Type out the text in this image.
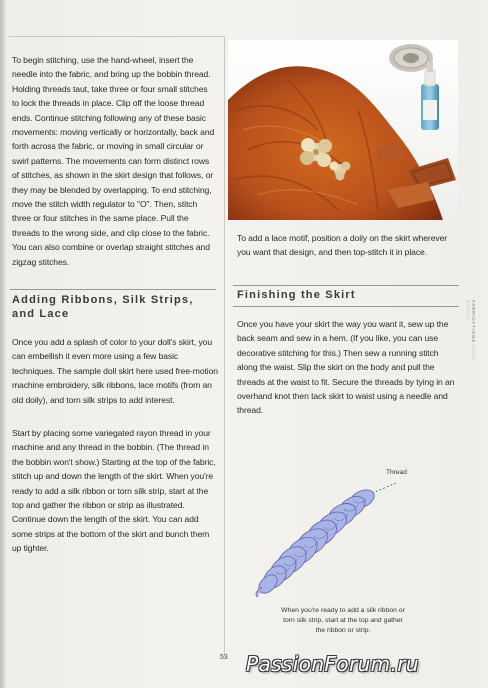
To begin stitching, use the hand-wheel, insert the needle into the fabric, and bring up the bobbin thread. Holding threads taut, take three or four small stitches to lock the threads in place. Clip off the loose thread ends. Continue stitching following any of these basic movements: moving vertically or horizontally, back and forth across the fabric, or moving in small circular or swirl patterns. The movements can form distinct rows of stitches, as shown in the skirt design that follows, or they may be blended by overlapping. To end stitching, move the stitch width regulator to "O". Then, stitch three or four stitches in the same place. Pull the threads to the wrong side, and clip close to the fabric. You can also combine or overlap straight stitches and zigzag stitches.

Adding Ribbons, Silk Strips, and Lace

Once you add a splash of color to your doll's skirt, you can embellish it even more using a few basic techniques. The sample doll skirt here used free-motion machine embroidery, silk ribbons, lace motifs (from an old doily), and torn silk strips to add interest.

Start by placing some variegated rayon thread in your machine and any thread in the bobbin. (The thread in the bobbin won't show.) Starting at the top of the fabric, stitch up and down the length of the skirt. When you're ready to add a silk ribbon or torn silk strip, start at the top and gather the ribbon or strip as illustrated. Continue down the length of the skirt. You can add some strips at the bottom of the skirt and bunch them up tighter.

To add a lace motif, position a doily on the skirt wherever you want that design, and then top-stitch it in place.

Finishing the Skirt

Once you have your skirt the way you want it, sew up the back seam and sew in a hem. (If you like, you can use decorative stitching for this.) Then sew a running stitch along the waist. Slip the skirt on the body and pull the threads at the waist to fit. Secure the threads by tying in an overhand knot then tack skirt to waist using a needle and thread.

Thread

When you're ready to add a silk ribbon or torn silk strip, start at the top and gather the ribbon or strip.

FABRICATIONS Cloth Bodies
53 PassionForum.ru
